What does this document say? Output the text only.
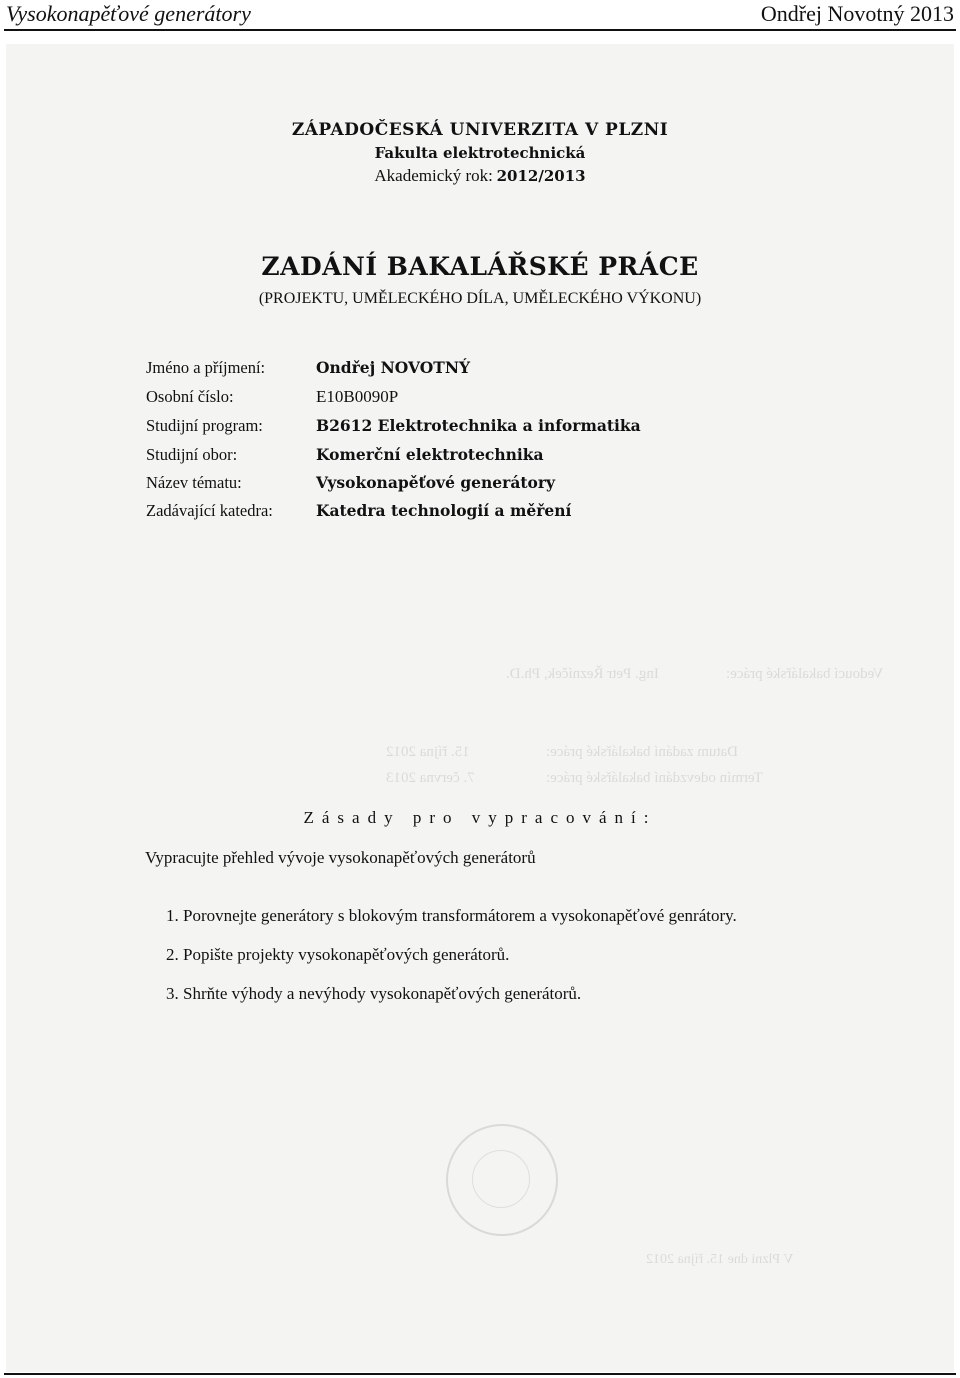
Vysokonapěťové generátory	Ondřej Novotný 2013
Vedoucí bakalářské práce:
Ing. Petr Řezníček, Ph.D.
Datum zadání bakalářské práce:
15. října 2012
Termín odevzdání bakalářské práce:
7. června 2013
V Plzni dne 15. října 2012
ZÁPADOČESKÁ UNIVERZITA V PLZNI
Fakulta elektrotechnická
Akademický rok: 2012/2013
ZADÁNÍ BAKALÁŘSKÉ PRÁCE
(PROJEKTU, UMĚLECKÉHO DÍLA, UMĚLECKÉHO VÝKONU)
Jméno a příjmení:	Ondřej NOVOTNÝ
Osobní číslo:	E10B0090P
Studijní program:	B2612 Elektrotechnika a informatika
Studijní obor:	Komerční elektrotechnika
Název tématu:	Vysokonapěťové generátory
Zadávající katedra:	Katedra technologií a měření
Zásady pro vypracování:
Vypracujte přehled vývoje vysokonapěťových generátorů
1. Porovnejte generátory s blokovým transformátorem a vysokonapěťové genrátory.
2. Popište projekty vysokonapěťových generátorů.
3. Shrňte výhody a nevýhody vysokonapěťových generátorů.
